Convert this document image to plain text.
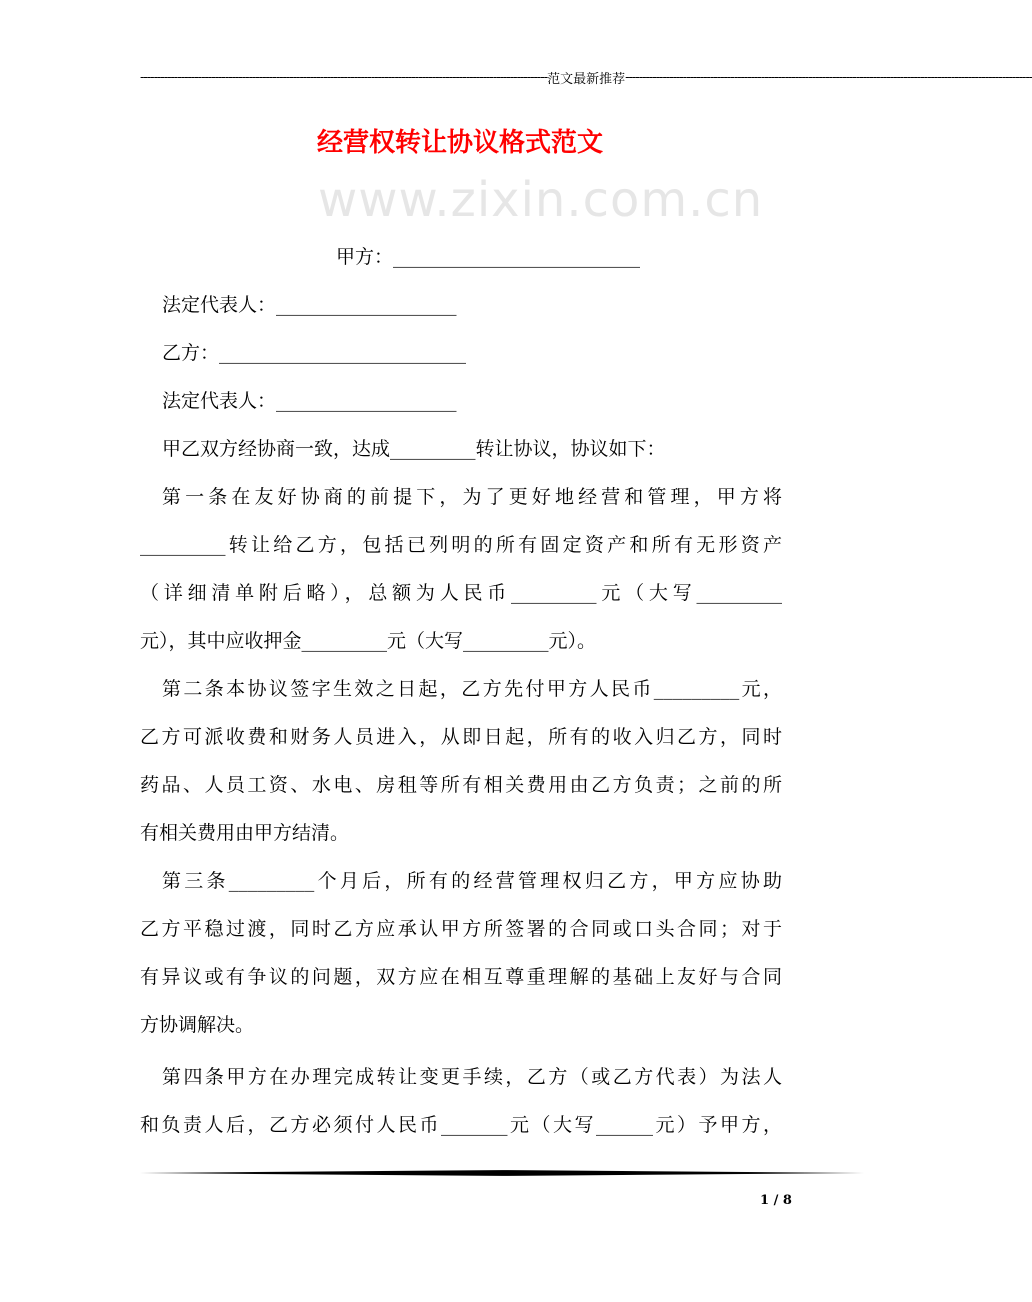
------------------------------------------------------------------------------------------------------------------------ 范文最新推荐 ------------------------------------------------------------------------------------------------------------------------
经营权转让协议格式范文
www.zixin.com.cn
甲方：__________________________
法定代表人：___________________
乙方：__________________________
法定代表人：___________________
甲乙双方经协商一致，达成_________转让协议，协议如下：
第一条在友好协商的前提下，为了更好地经营和管理，甲方将
_________转让给乙方，包括已列明的所有固定资产和所有无形资产
（详细清单附后略），总额为人民币_________元（大写_________
元），其中应收押金_________元（大写_________元）。
第二条本协议签字生效之日起，乙方先付甲方人民币_________元，
乙方可派收费和财务人员进入，从即日起，所有的收入归乙方，同时
药品、人员工资、水电、房租等所有相关费用由乙方负责；之前的所
有相关费用由甲方结清。
第三条_________个月后，所有的经营管理权归乙方，甲方应协助
乙方平稳过渡，同时乙方应承认甲方所签署的合同或口头合同；对于
有异议或有争议的问题，双方应在相互尊重理解的基础上友好与合同
方协调解决。
第四条甲方在办理完成转让变更手续，乙方（或乙方代表）为法人
和负责人后，乙方必须付人民币_______元（大写______元）予甲方，
1 / 8
